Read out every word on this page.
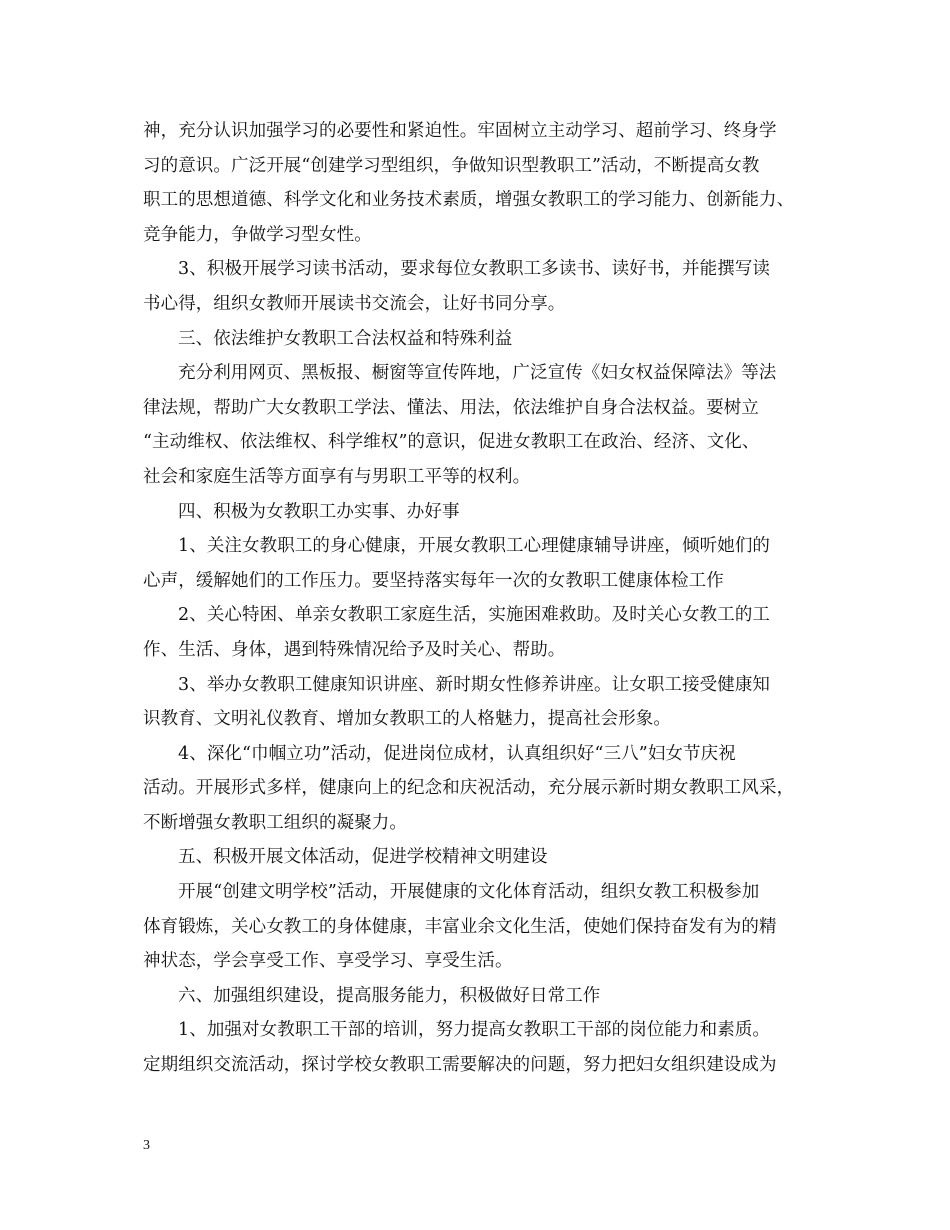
神，充分认识加强学习的必要性和紧迫性。牢固树立主动学习、超前学习、终身学
习的意识。广泛开展“创建学习型组织，争做知识型教职工”活动，不断提高女教
职工的思想道德、科学文化和业务技术素质，增强女教职工的学习能力、创新能力、
竞争能力，争做学习型女性。
3、积极开展学习读书活动，要求每位女教职工多读书、读好书，并能撰写读
书心得，组织女教师开展读书交流会，让好书同分享。
三、依法维护女教职工合法权益和特殊利益
充分利用网页、黑板报、橱窗等宣传阵地，广泛宣传《妇女权益保障法》等法
律法规，帮助广大女教职工学法、懂法、用法，依法维护自身合法权益。要树立
“主动维权、依法维权、科学维权”的意识，促进女教职工在政治、经济、文化、
社会和家庭生活等方面享有与男职工平等的权利。
四、积极为女教职工办实事、办好事
1、关注女教职工的身心健康，开展女教职工心理健康辅导讲座，倾听她们的
心声，缓解她们的工作压力。要坚持落实每年一次的女教职工健康体检工作
2、关心特困、单亲女教职工家庭生活，实施困难救助。及时关心女教工的工
作、生活、身体，遇到特殊情况给予及时关心、帮助。
3、举办女教职工健康知识讲座、新时期女性修养讲座。让女职工接受健康知
识教育、文明礼仪教育、增加女教职工的人格魅力，提高社会形象。
4、深化“巾帼立功”活动，促进岗位成材，认真组织好“三八”妇女节庆祝
活动。开展形式多样，健康向上的纪念和庆祝活动，充分展示新时期女教职工风采，
不断增强女教职工组织的凝聚力。
五、积极开展文体活动，促进学校精神文明建设
开展“创建文明学校”活动，开展健康的文化体育活动，组织女教工积极参加
体育锻炼，关心女教工的身体健康，丰富业余文化生活，使她们保持奋发有为的精
神状态，学会享受工作、享受学习、享受生活。
六、加强组织建设，提高服务能力，积极做好日常工作
1、加强对女教职工干部的培训，努力提高女教职工干部的岗位能力和素质。
定期组织交流活动，探讨学校女教职工需要解决的问题，努力把妇女组织建设成为
3
